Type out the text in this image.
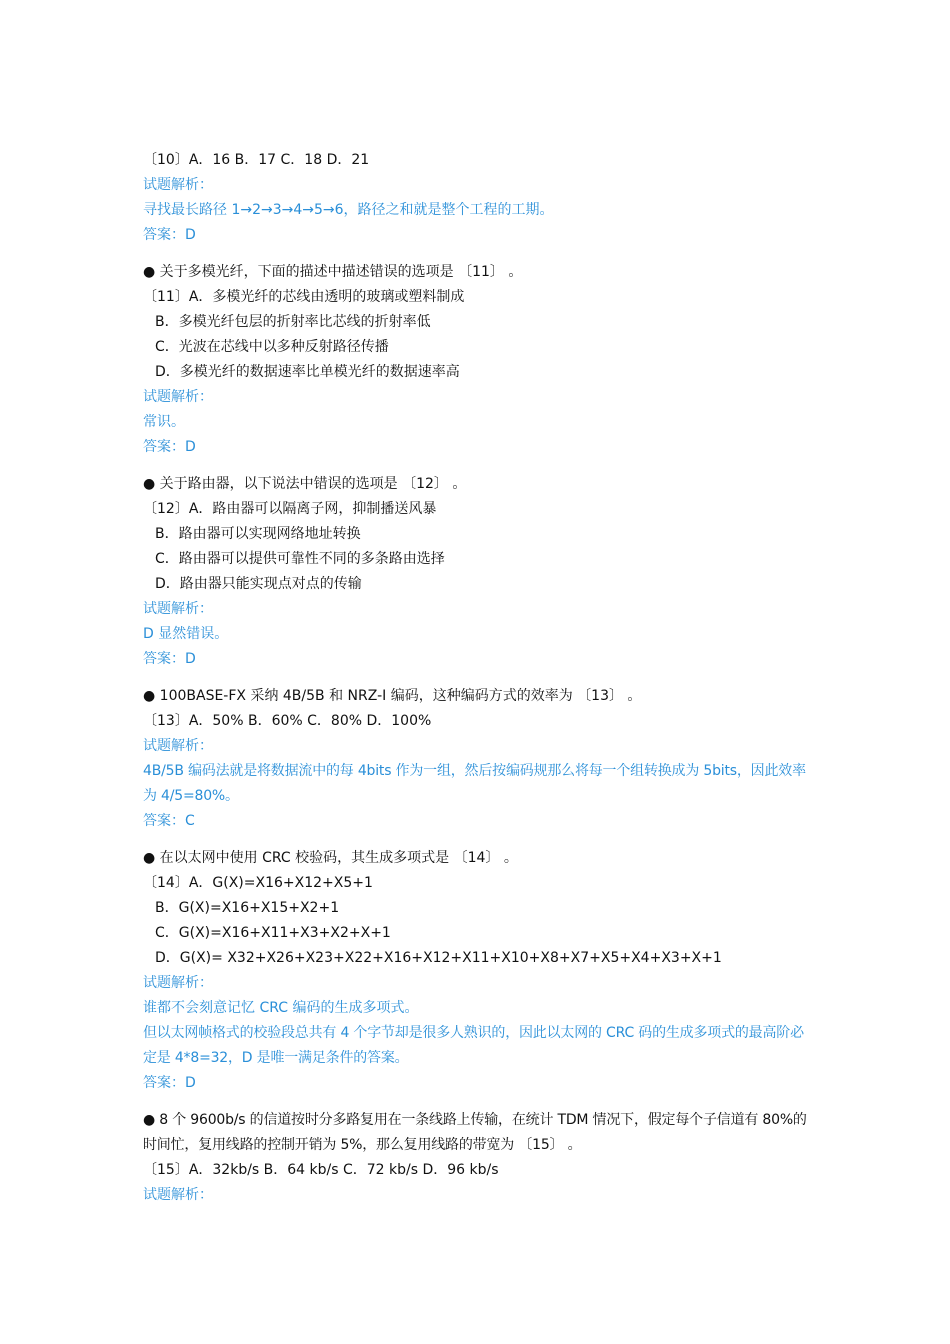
〔10〕A．16 B．17 C．18 D．21
试题解析：
寻找最长路径 1→2→3→4→5→6，路径之和就是整个工程的工期。
答案：D
● 关于多模光纤，下面的描述中描述错误的选项是 〔11〕 。
〔11〕A．多模光纤的芯线由透明的玻璃或塑料制成
B．多模光纤包层的折射率比芯线的折射率低
C．光波在芯线中以多种反射路径传播
D．多模光纤的数据速率比单模光纤的数据速率高
试题解析：
常识。
答案：D
● 关于路由器，以下说法中错误的选项是 〔12〕 。
〔12〕A．路由器可以隔离子网，抑制播送风暴
B．路由器可以实现网络地址转换
C．路由器可以提供可靠性不同的多条路由选择
D．路由器只能实现点对点的传输
试题解析：
D 显然错误。
答案：D
● 100BASE-FX 采纳 4B/5B 和 NRZ-I 编码，这种编码方式的效率为 〔13〕 。
〔13〕A．50% B．60% C．80% D．100%
试题解析：
4B/5B 编码法就是将数据流中的每 4bits 作为一组，然后按编码规那么将每一个组转换成为 5bits，因此效率为 4/5=80%。
答案：C
● 在以太网中使用 CRC 校验码，其生成多项式是 〔14〕 。
〔14〕A．G(X)=X16+X12+X5+1
B．G(X)=X16+X15+X2+1
C．G(X)=X16+X11+X3+X2+X+1
D．G(X)= X32+X26+X23+X22+X16+X12+X11+X10+X8+X7+X5+X4+X3+X+1
试题解析：
谁都不会刻意记忆 CRC 编码的生成多项式。
但以太网帧格式的校验段总共有 4 个字节却是很多人熟识的，因此以太网的 CRC 码的生成多项式的最高阶必定是 4*8=32，D 是唯一满足条件的答案。
答案：D
● 8 个 9600b/s 的信道按时分多路复用在一条线路上传输，在统计 TDM 情况下，假定每个子信道有 80%的时间忙，复用线路的控制开销为 5%，那么复用线路的带宽为 〔15〕 。
〔15〕A．32kb/s B．64 kb/s C．72 kb/s D．96 kb/s
试题解析：
